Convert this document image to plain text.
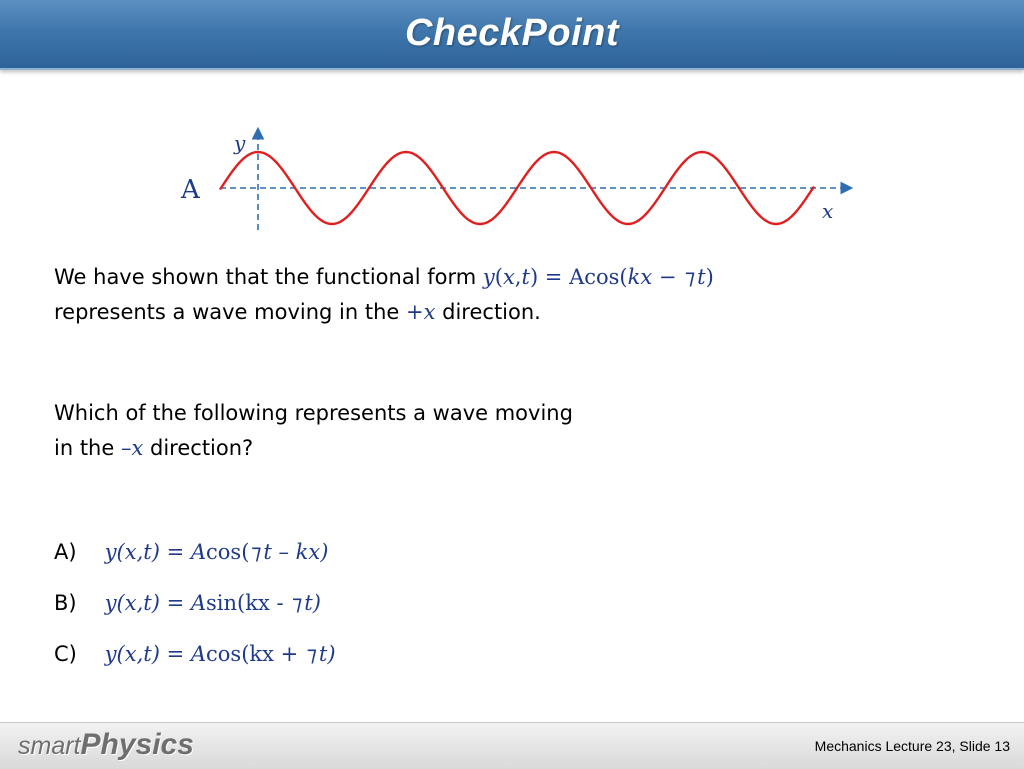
CheckPoint
y
x
A
We have shown that the functional form y(x,t) = Acos(kx − ⁊t)
represents a wave moving in the +x direction.
Which of the following represents a wave moving
in the –x direction?
A) y(x,t) = Acos(⁊t – kx)
B) y(x,t) = Asin(kx - ⁊t)
C) y(x,t) = Acos(kx + ⁊t)
smartPhysics	Mechanics Lecture 23, Slide 13
